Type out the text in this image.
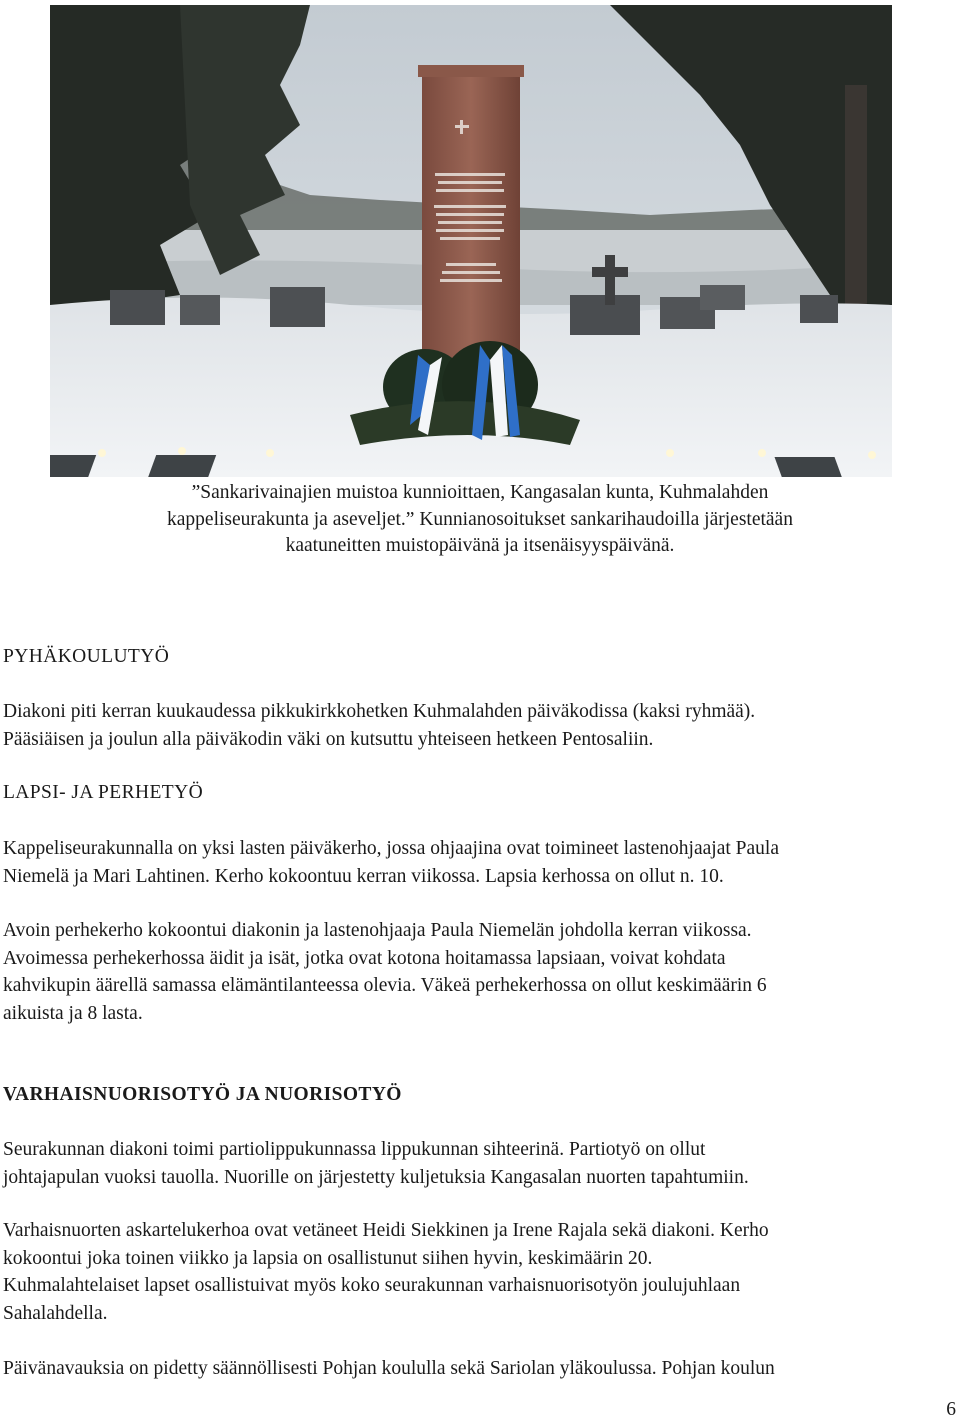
”Sankarivainajien muistoa kunnioittaen, Kangasalan kunta, Kuhmalahden
kappeliseurakunta ja aseveljet.” Kunnianosoitukset sankarihaudoilla järjestetään
kaatuneitten muistopäivänä ja itsenäisyyspäivänä.

PYHÄKOULUTYÖ

Diakoni piti kerran kuukaudessa pikkukirkkohetken Kuhmalahden päiväkodissa (kaksi ryhmää).
Pääsiäisen ja joulun alla päiväkodin väki on kutsuttu yhteiseen hetkeen Pentosaliin.

LAPSI- JA PERHETYÖ

Kappeliseurakunnalla on yksi lasten päiväkerho, jossa ohjaajina ovat toimineet lastenohjaajat Paula
Niemelä ja Mari Lahtinen. Kerho kokoontuu kerran viikossa. Lapsia kerhossa on ollut n. 10.

Avoin perhekerho kokoontui diakonin ja lastenohjaaja Paula Niemelän johdolla kerran viikossa.
Avoimessa perhekerhossa äidit ja isät, jotka ovat kotona hoitamassa lapsiaan, voivat kohdata
kahvikupin äärellä samassa elämäntilanteessa olevia. Väkeä perhekerhossa on ollut keskimäärin 6
aikuista ja 8 lasta.

VARHAISNUORISOTYÖ JA NUORISOTYÖ

Seurakunnan diakoni toimi partiolippukunnassa lippukunnan sihteerinä. Partiotyö on ollut
johtajapulan vuoksi tauolla. Nuorille on järjestetty kuljetuksia Kangasalan nuorten tapahtumiin.

Varhaisnuorten askartelukerhoa ovat vetäneet Heidi Siekkinen ja Irene Rajala sekä diakoni. Kerho
kokoontui joka toinen viikko ja lapsia on osallistunut siihen hyvin, keskimäärin 20.
Kuhmalahtelaiset lapset osallistuivat myös koko seurakunnan varhaisnuorisotyön joulujuhlaan
Sahalahdella.

Päivänavauksia on pidetty säännöllisesti Pohjan koululla sekä Sariolan yläkoulussa. Pohjan koulun

6
